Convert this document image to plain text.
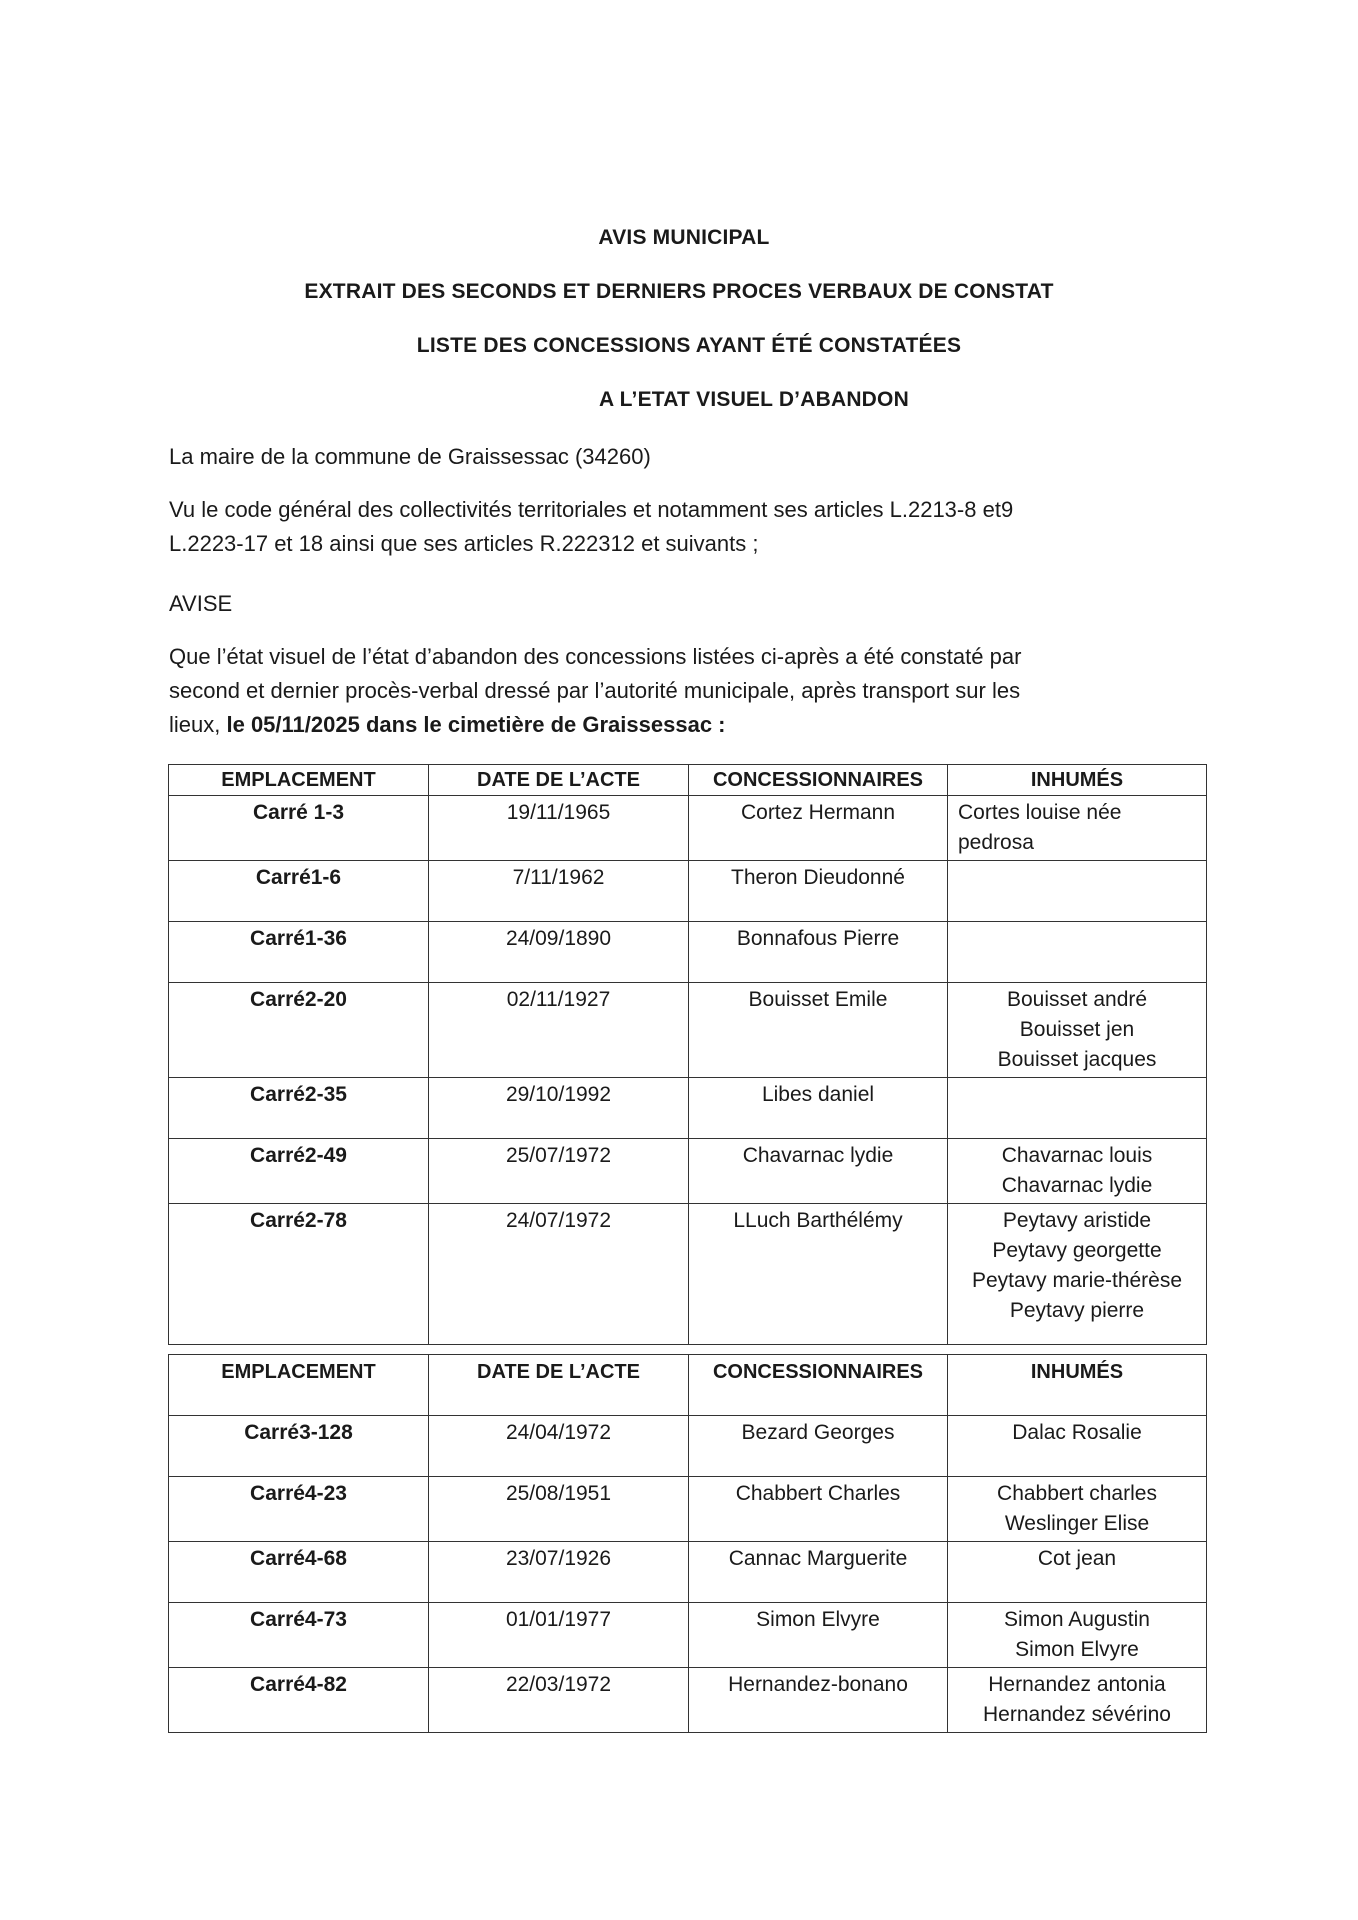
AVIS MUNICIPAL
EXTRAIT DES SECONDS ET DERNIERS PROCES VERBAUX DE CONSTAT
LISTE DES CONCESSIONS AYANT ÉTÉ CONSTATÉES
A L’ETAT VISUEL D’ABANDON
La maire de la commune de Graissessac (34260)
Vu le code général des collectivités territoriales et notamment ses articles L.2213-8 et9
L.2223-17 et 18 ainsi que ses articles R.222312 et suivants ;
AVISE
Que l’état visuel de l’état d’abandon des concessions listées ci-après a été constaté par
second et dernier procès-verbal dressé par l’autorité municipale, après transport sur les
lieux, le 05/11/2025 dans le cimetière de Graissessac :
EMPLACEMENT	DATE DE L’ACTE	CONCESSIONNAIRES	INHUMÉS
Carré 1-3	19/11/1965	Cortez Hermann	Cortes louise née
pedrosa

Carré1-6	7/11/1962	Theron Dieudonné	
Carré1-36	24/09/1890	Bonnafous Pierre	
Carré2-20	02/11/1927	Bouisset Emile	Bouisset andré
Bouisset jen
Bouisset jacques

Carré2-35	29/10/1992	Libes daniel	
Carré2-49	25/07/1972	Chavarnac lydie	Chavarnac louis
Chavarnac lydie

Carré2-78	24/07/1972	LLuch Barthélémy	Peytavy aristide
Peytavy georgette
Peytavy marie-thérèse
Peytavy pierre
EMPLACEMENT	DATE DE L’ACTE	CONCESSIONNAIRES	INHUMÉS
Carré3-128	24/04/1972	Bezard Georges	Dalac Rosalie

Carré4-23	25/08/1951	Chabbert Charles	Chabbert charles
Weslinger Elise

Carré4-68	23/07/1926	Cannac Marguerite	Cot jean

Carré4-73	01/01/1977	Simon Elvyre	Simon Augustin
Simon Elvyre

Carré4-82	22/03/1972	Hernandez-bonano	Hernandez antonia
Hernandez sévérino
